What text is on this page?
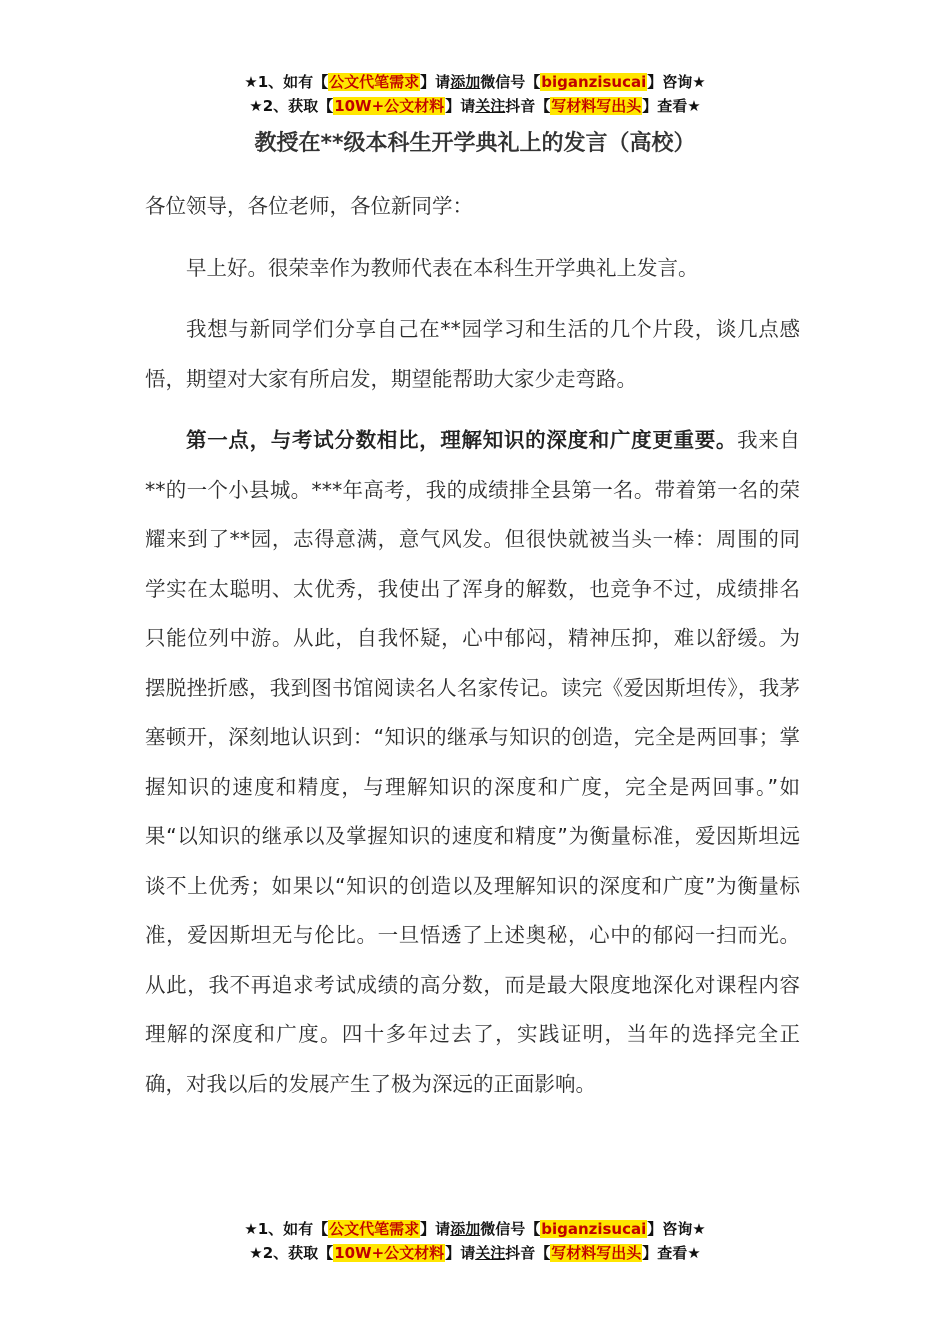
★1、如有【公文代笔需求】请添加微信号【biganzisucai】咨询★
★2、获取【10W+公文材料】请关注抖音【写材料写出头】查看★
教授在**级本科生开学典礼上的发言（高校）

各位领导，各位老师，各位新同学：

早上好。很荣幸作为教师代表在本科生开学典礼上发言。

我想与新同学们分享自己在**园学习和生活的几个片段，谈几点感悟，期望对大家有所启发，期望能帮助大家少走弯路。

第一点，与考试分数相比，理解知识的深度和广度更重要。我来自**的一个小县城。***年高考，我的成绩排全县第一名。带着第一名的荣耀来到了**园，志得意满，意气风发。但很快就被当头一棒：周围的同学实在太聪明、太优秀，我使出了浑身的解数，也竞争不过，成绩排名只能位列中游。从此，自我怀疑，心中郁闷，精神压抑，难以舒缓。为摆脱挫折感，我到图书馆阅读名人名家传记。读完《爱因斯坦传》，我茅塞顿开，深刻地认识到：“知识的继承与知识的创造，完全是两回事；掌握知识的速度和精度，与理解知识的深度和广度，完全是两回事。”如果“以知识的继承以及掌握知识的速度和精度”为衡量标准，爱因斯坦远谈不上优秀；如果以“知识的创造以及理解知识的深度和广度”为衡量标准，爱因斯坦无与伦比。一旦悟透了上述奥秘，心中的郁闷一扫而光。从此，我不再追求考试成绩的高分数，而是最大限度地深化对课程内容理解的深度和广度。四十多年过去了，实践证明，当年的选择完全正确，对我以后的发展产生了极为深远的正面影响。

★1、如有【公文代笔需求】请添加微信号【biganzisucai】咨询★
★2、获取【10W+公文材料】请关注抖音【写材料写出头】查看★
